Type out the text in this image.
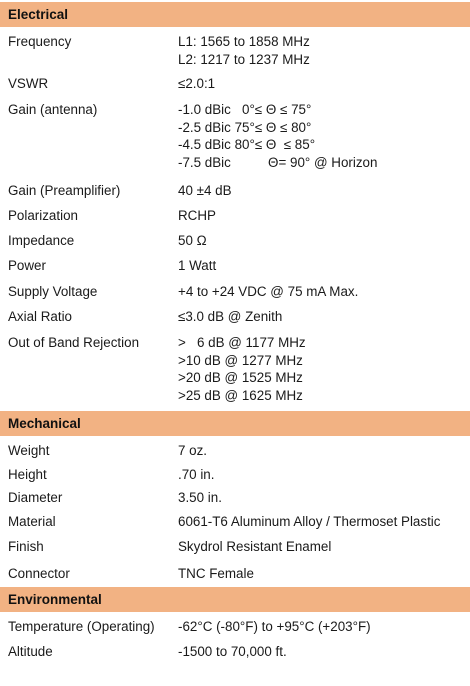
Electrical
Frequency	L1: 1565 to 1858 MHz
L2: 1217 to 1237 MHz
VSWR	≤2.0:1
Gain (antenna)	-1.0 dBic   0°≤ Θ ≤ 75°
-2.5 dBic 75°≤ Θ ≤ 80°
-4.5 dBic 80°≤ Θ  ≤ 85°
-7.5 dBic          Θ= 90° @ Horizon
Gain (Preamplifier)	40 ±4 dB
Polarization	RCHP
Impedance	50 Ω
Power	1 Watt
Supply Voltage	+4 to +24 VDC @ 75 mA Max.
Axial Ratio	≤3.0 dB @ Zenith
Out of Band Rejection	>   6 dB @ 1177 MHz
>10 dB @ 1277 MHz
>20 dB @ 1525 MHz
>25 dB @ 1625 MHz
Mechanical
Weight	7 oz.
Height	.70 in.
Diameter	3.50 in.
Material	6061-T6 Aluminum Alloy / Thermoset Plastic
Finish	Skydrol Resistant Enamel
Connector	TNC Female
Environmental
Temperature (Operating) -62°C (-80°F) to +95°C (+203°F)
Altitude	-1500 to 70,000 ft.
